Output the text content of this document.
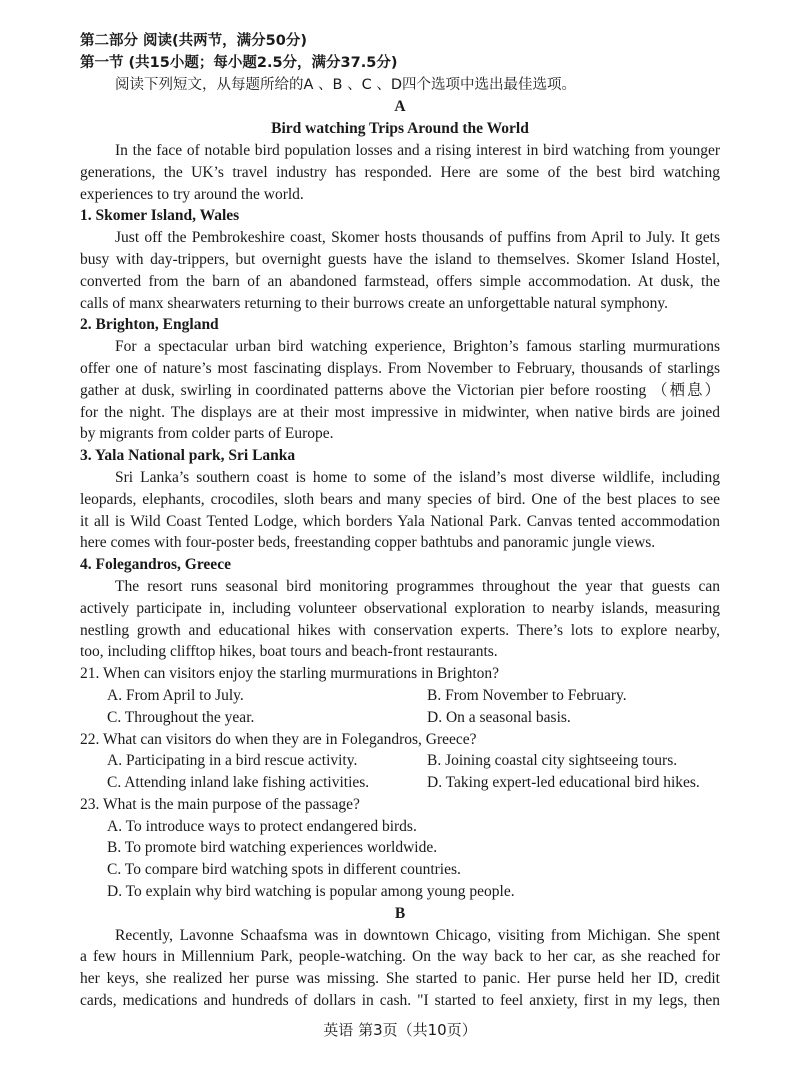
第二部分 阅读(共两节，满分50分)
第一节 (共15小题；每小题2.5分，满分37.5分)
阅读下列短文，从每题所给的A 、B 、C 、D四个选项中选出最佳选项。
A
Bird watching Trips Around the World
In the face of notable bird population losses and a rising interest in bird watching from younger
generations, the UK’s travel industry has responded. Here are some of the best bird watching
experiences to try around the world.
1. Skomer Island, Wales
Just off the Pembrokeshire coast, Skomer hosts thousands of puffins from April to July. It gets
busy with day-trippers, but overnight guests have the island to themselves. Skomer Island Hostel,
converted from the barn of an abandoned farmstead, offers simple accommodation. At dusk, the
calls of manx shearwaters returning to their burrows create an unforgettable natural symphony.
2. Brighton, England
For a spectacular urban bird watching experience, Brighton’s famous starling murmurations
offer one of nature’s most fascinating displays. From November to February, thousands of starlings
gather at dusk, swirling in coordinated patterns above the Victorian pier before roosting （栖息）
for the night. The displays are at their most impressive in midwinter, when native birds are joined
by migrants from colder parts of Europe.
3. Yala National park, Sri Lanka
Sri Lanka’s southern coast is home to some of the island’s most diverse wildlife, including
leopards, elephants, crocodiles, sloth bears and many species of bird. One of the best places to see
it all is Wild Coast Tented Lodge, which borders Yala National Park. Canvas tented accommodation
here comes with four-poster beds, freestanding copper bathtubs and panoramic jungle views.
4. Folegandros, Greece
The resort runs seasonal bird monitoring programmes throughout the year that guests can
actively participate in, including volunteer observational exploration to nearby islands, measuring
nestling growth and educational hikes with conservation experts. There’s lots to explore nearby,
too, including clifftop hikes, boat tours and beach-front restaurants.
21. When can visitors enjoy the starling murmurations in Brighton?
A. From April to July.	B. From November to February.
C. Throughout the year.	D. On a seasonal basis.
22. What can visitors do when they are in Folegandros, Greece?
A. Participating in a bird rescue activity.	B. Joining coastal city sightseeing tours.
C. Attending inland lake fishing activities.	D. Taking expert-led educational bird hikes.
23. What is the main purpose of the passage?
A. To introduce ways to protect endangered birds.
B. To promote bird watching experiences worldwide.
C. To compare bird watching spots in different countries.
D. To explain why bird watching is popular among young people.
B
Recently, Lavonne Schaafsma was in downtown Chicago, visiting from Michigan. She spent
a few hours in Millennium Park, people-watching. On the way back to her car, as she reached for
her keys, she realized her purse was missing. She started to panic. Her purse held her ID, credit
cards, medications and hundreds of dollars in cash. "I started to feel anxiety, first in my legs, then
英语 第3页（共10页）
